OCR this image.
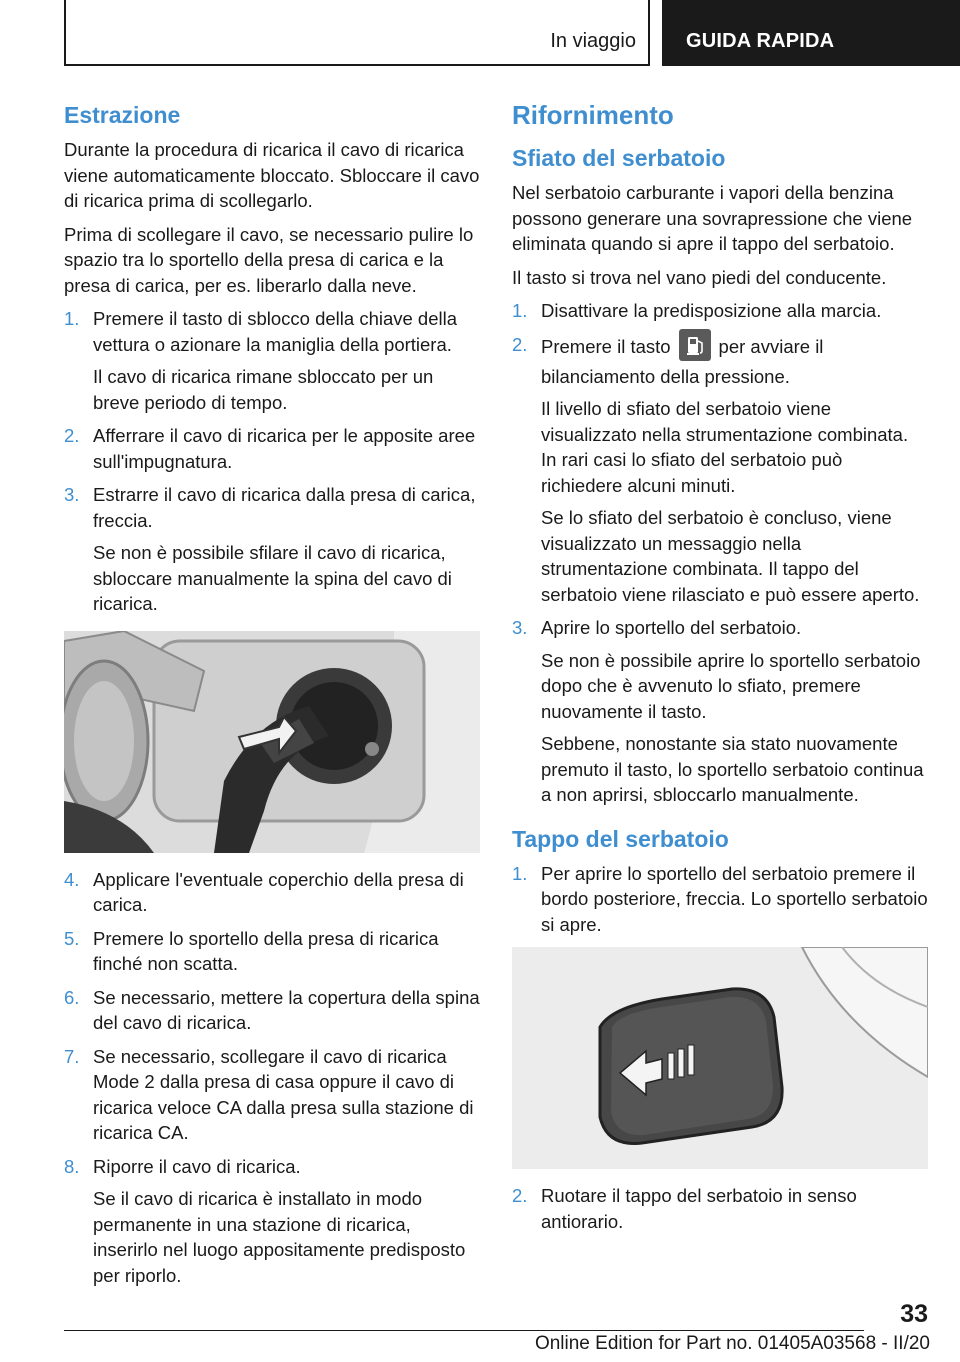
In viaggio	GUIDA RAPIDA
Estrazione

Durante la procedura di ricarica il cavo di ricarica viene automaticamente bloccato. Sbloccare il cavo di ricarica prima di scollegarlo.

Prima di scollegare il cavo, se necessario pulire lo spazio tra lo sportello della presa di carica e la presa di carica, per es. liberarlo dalla neve.

1. Premere il tasto di sblocco della chiave della vettura o azionare la maniglia della portiera.

Il cavo di ricarica rimane sbloccato per un breve periodo di tempo.

2. Afferrare il cavo di ricarica per le apposite aree sull'impugnatura.

3. Estrarre il cavo di ricarica dalla presa di carica, freccia.

Se non è possibile sfilare il cavo di ricarica, sbloccare manualmente la spina del cavo di ricarica.

4. Applicare l'eventuale coperchio della presa di carica.

5. Premere lo sportello della presa di ricarica finché non scatta.

6. Se necessario, mettere la copertura della spina del cavo di ricarica.

7. Se necessario, scollegare il cavo di ricarica Mode 2 dalla presa di casa oppure il cavo di ricarica veloce CA dalla presa sulla stazione di ricarica CA.

8. Riporre il cavo di ricarica.

Se il cavo di ricarica è installato in modo permanente in una stazione di ricarica, inserirlo nel luogo appositamente predisposto per riporlo.

Rifornimento
Sfiato del serbatoio

Nel serbatoio carburante i vapori della benzina possono generare una sovrapressione che viene eliminata quando si apre il tappo del serbatoio.

Il tasto si trova nel vano piedi del conducente.

1. Disattivare la predisposizione alla marcia.

2. Premere il tasto	per avviare il bilanciamento della pressione.

Il livello di sfiato del serbatoio viene visualizzato nella strumentazione combinata. In rari casi lo sfiato del serbatoio può richiedere alcuni minuti.

Se lo sfiato del serbatoio è concluso, viene visualizzato un messaggio nella strumentazione combinata. Il tappo del serbatoio viene rilasciato e può essere aperto.

3. Aprire lo sportello del serbatoio.

Se non è possibile aprire lo sportello serbatoio dopo che è avvenuto lo sfiato, premere nuovamente il tasto.

Sebbene, nonostante sia stato nuovamente premuto il tasto, lo sportello serbatoio continua a non aprirsi, sbloccarlo manualmente.

Tappo del serbatoio
1. Per aprire lo sportello del serbatoio premere il bordo posteriore, freccia. Lo sportello serbatoio si apre.

2. Ruotare il tappo del serbatoio in senso antiorario.

33
Online Edition for Part no. 01405A03568 - II/20
